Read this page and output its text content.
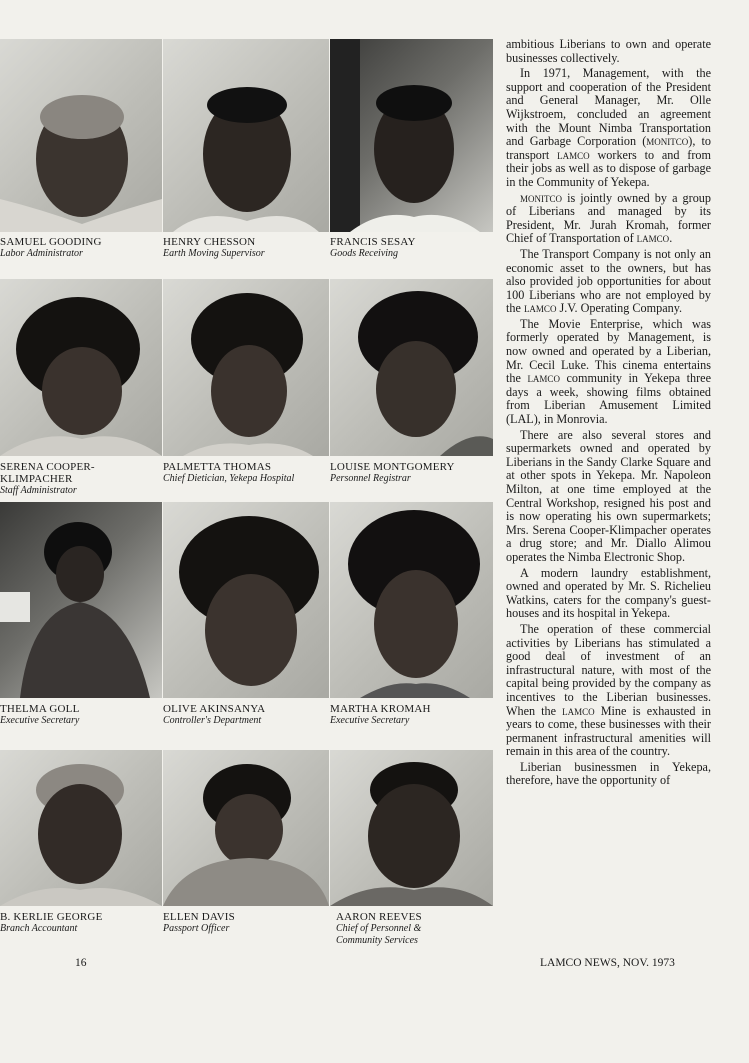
SAMUEL GOODING
Labor Administrator
HENRY CHESSON
Earth Moving Supervisor
FRANCIS SESAY
Goods Receiving
SERENA COOPER-
KLIMPACHER
Staff Administrator
PALMETTA THOMAS
Chief Dietician, Yekepa Hospital
LOUISE MONTGOMERY
Personnel Registrar
THELMA GOLL
Executive Secretary
OLIVE AKINSANYA
Controller's Department
MARTHA KROMAH
Executive Secretary
B. KERLIE GEORGE
Branch Accountant
ELLEN DAVIS
Passport Officer
AARON REEVES
Chief of Personnel &
Community Services

ambitious Liberians to own and operate businesses collectively.

In 1971, Management, with the support and cooperation of the President and General Manager, Mr. Olle Wijkstroem, concluded an agreement with the Mount Nimba Transportation and Garbage Corporation (monitco), to transport lamco workers to and from their jobs as well as to dispose of garbage in the Community of Yekepa.

monitco is jointly owned by a group of Liberians and managed by its President, Mr. Jurah Kromah, former Chief of Transportation of lamco.

The Transport Company is not only an economic asset to the owners, but has also provided job opportunities for about 100 Liberians who are not employed by the lamco J.V. Operating Company.

The Movie Enterprise, which was formerly operated by Management, is now owned and operated by a Liberian, Mr. Cecil Luke. This cinema entertains the lamco community in Yekepa three days a week, showing films obtained from Liberian Amusement Limited (LAL), in Monrovia.

There are also several stores and supermarkets owned and operated by Liberians in the Sandy Clarke Square and at other spots in Yekepa. Mr. Napoleon Milton, at one time employed at the Central Workshop, resigned his post and is now operating his own supermarkets; Mrs. Serena Cooper-Klimpacher operates a drug store; and Mr. Diallo Alimou operates the Nimba Electronic Shop.

A modern laundry establishment, owned and operated by Mr. S. Richelieu Watkins, caters for the company's guest-houses and its hospital in Yekepa.

The operation of these commercial activities by Liberians has stimulated a good deal of investment of an infrastructural nature, with most of the capital being provided by the company as incentives to the Liberian businesses. When the lamco Mine is exhausted in years to come, these businesses with their permanent infrastructural amenities will remain in this area of the country.

Liberian businessmen in Yekepa, therefore, have the opportunity of

16	LAMCO NEWS, NOV. 1973
